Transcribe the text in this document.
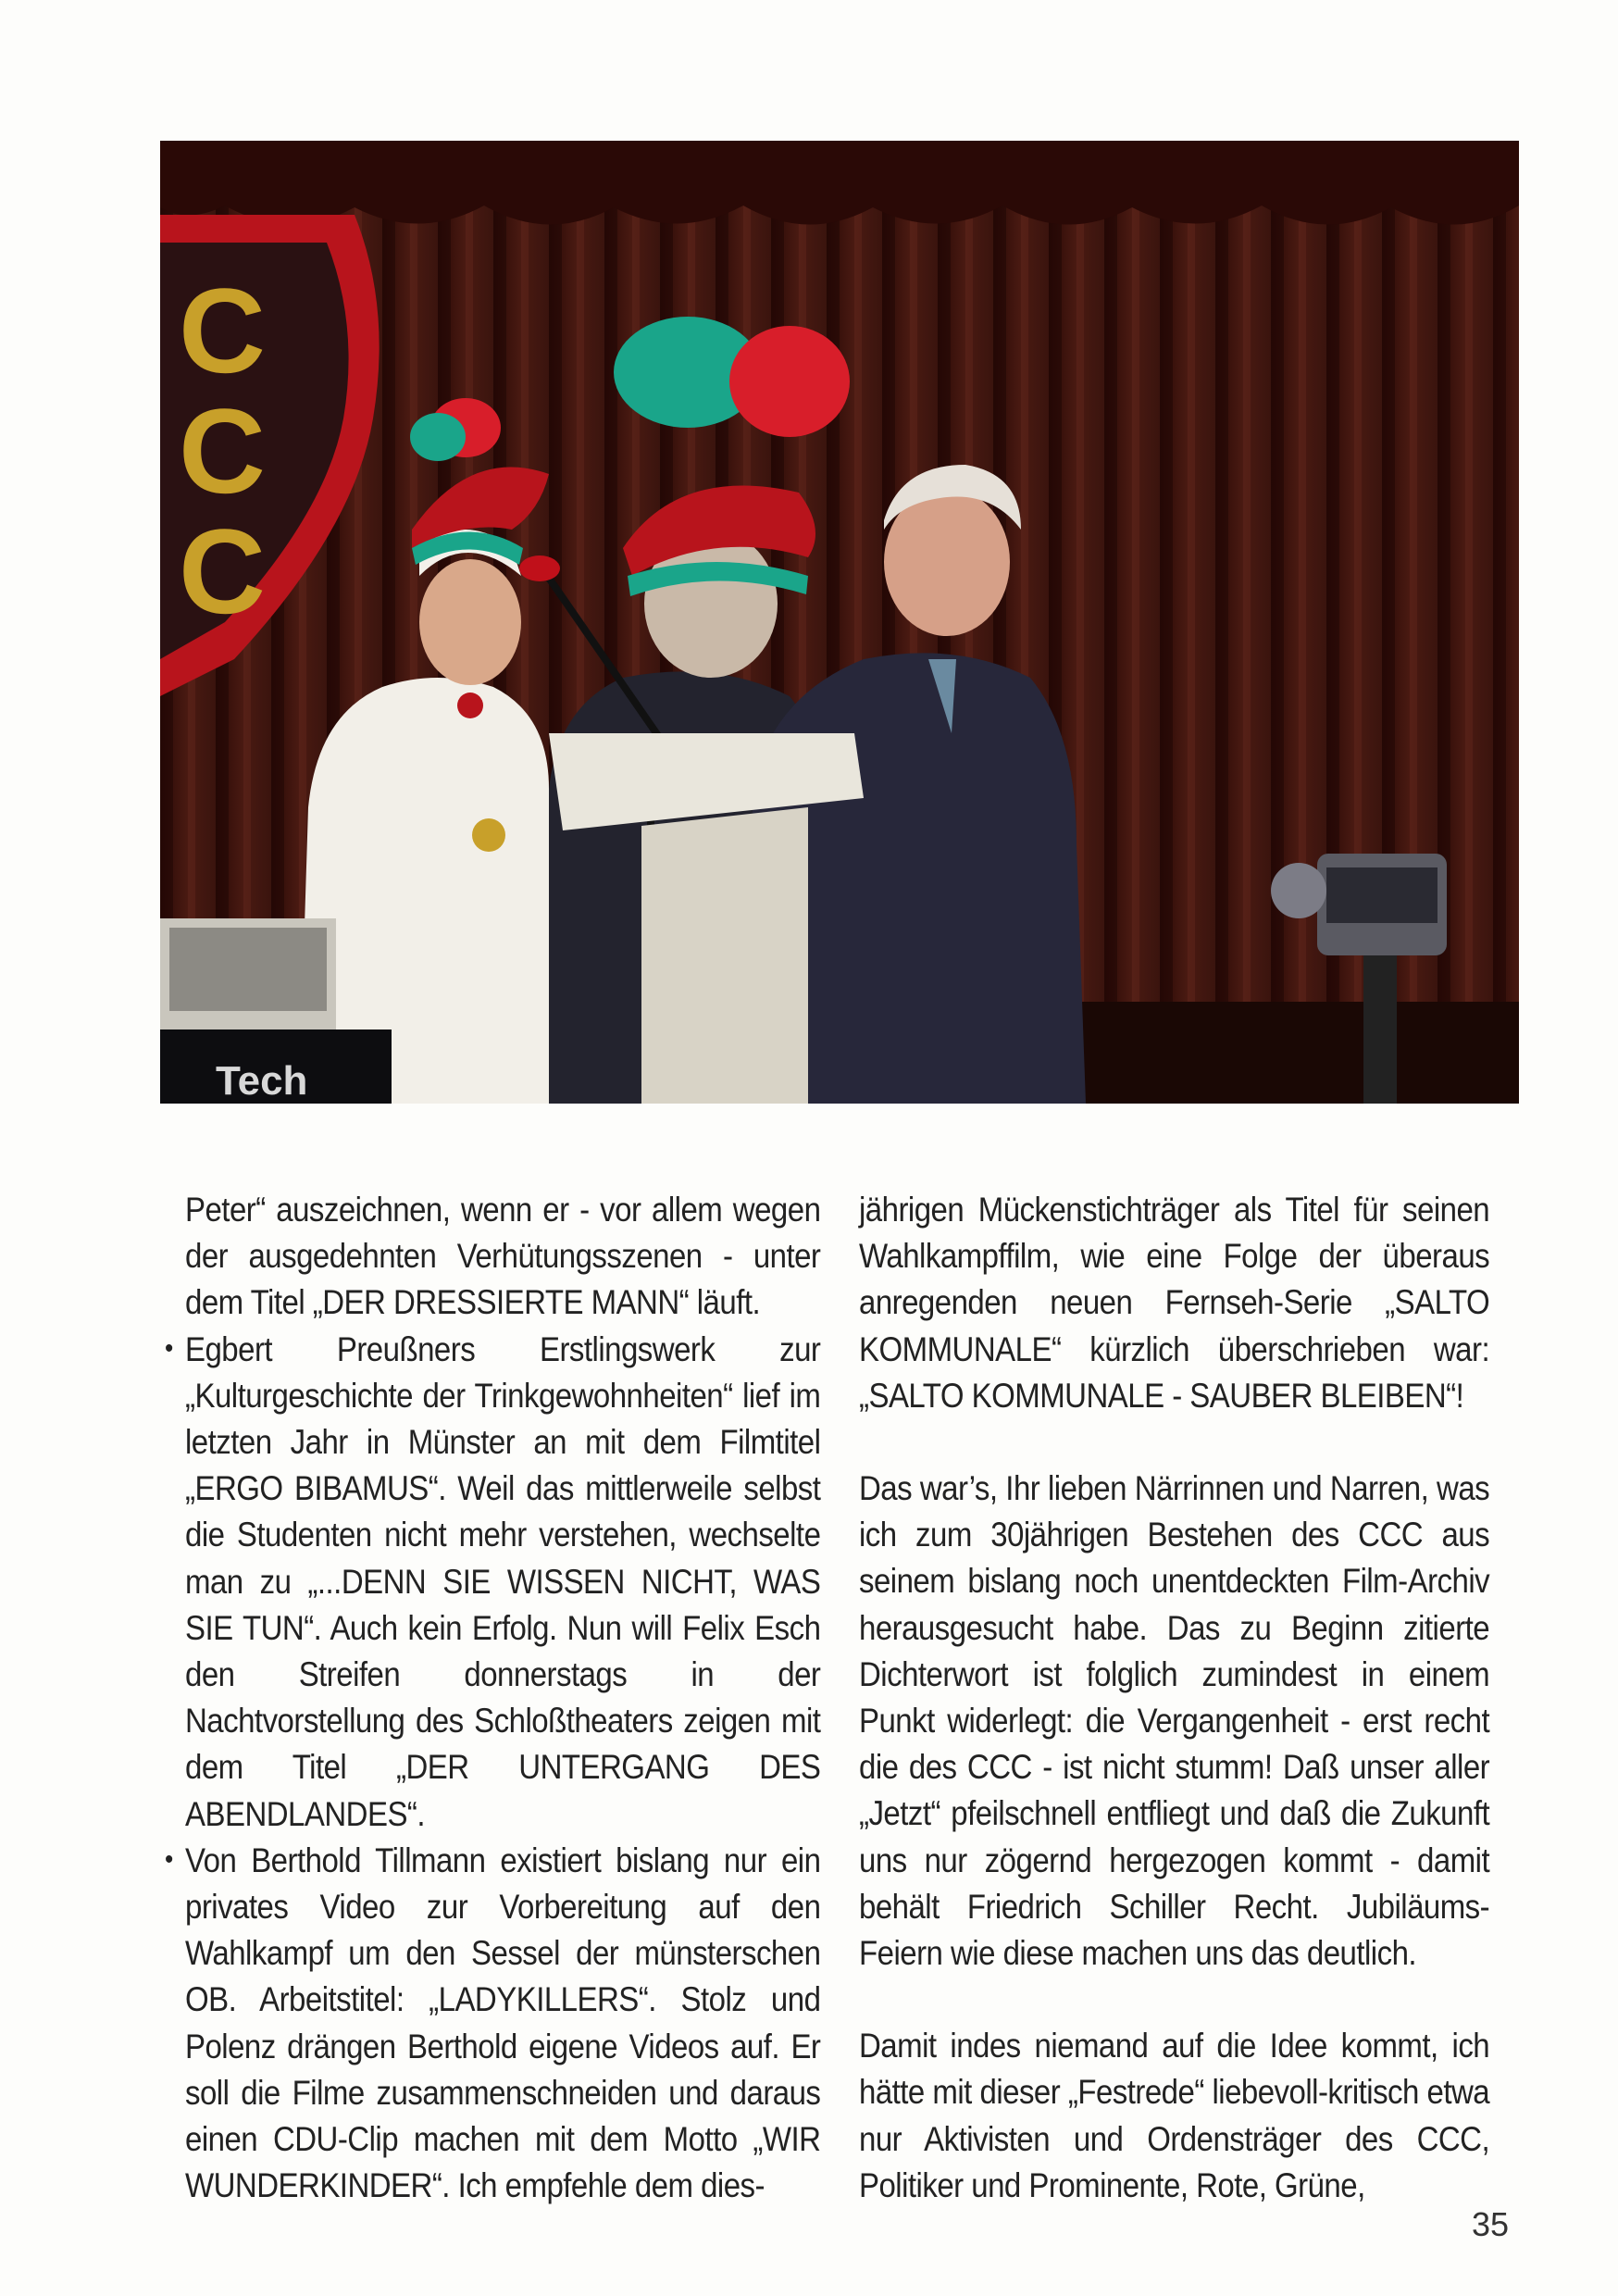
C
C
C
Tech

Peter“ auszeichnen, wenn er - vor allem wegen der ausgedehnten Verhütungsszenen - unter dem Titel „DER DRESSIERTE MANN“ läuft.

• Egbert Preußners Erstlingswerk zur „Kulturgeschichte der Trinkgewohnheiten“ lief im letzten Jahr in Münster an mit dem Filmtitel „ERGO BIBAMUS“. Weil das mittlerweile selbst die Studenten nicht mehr verstehen, wechselte man zu „...DENN SIE WISSEN NICHT, WAS SIE TUN“. Auch kein Erfolg. Nun will Felix Esch den Streifen donnerstags in der Nachtvorstellung des Schloßtheaters zeigen mit dem Titel „DER UNTERGANG DES ABENDLANDES“.

• Von Berthold Tillmann existiert bislang nur ein privates Video zur Vorbereitung auf den Wahlkampf um den Sessel der münsterschen OB. Arbeitstitel: „LADYKILLERS“. Stolz und Polenz drängen Berthold eigene Videos auf. Er soll die Filme zusammenschneiden und daraus einen CDU-Clip machen mit dem Motto „WIR WUNDERKINDER“. Ich empfehle dem dies-

jährigen Mückenstichträger als Titel für seinen Wahlkampffilm, wie eine Folge der überaus anregenden neuen Fernseh-Serie „SALTO KOMMUNALE“ kürzlich überschrieben war: „SALTO KOMMUNALE - SAUBER BLEIBEN“!

Das war’s, Ihr lieben Närrinnen und Narren, was ich zum 30jährigen Bestehen des CCC aus seinem bislang noch unentdeckten Film-Archiv herausgesucht habe. Das zu Beginn zitierte Dichterwort ist folglich zumindest in einem Punkt widerlegt: die Vergangenheit - erst recht die des CCC - ist nicht stumm! Daß unser aller „Jetzt“ pfeilschnell entfliegt und daß die Zukunft uns nur zögernd hergezogen kommt - damit behält Friedrich Schiller Recht. Jubiläums-Feiern wie diese machen uns das deutlich.

Damit indes niemand auf die Idee kommt, ich hätte mit dieser „Festrede“ liebevoll-kritisch etwa nur Aktivisten und Ordensträger des CCC, Politiker und Prominente, Rote, Grüne,

35
